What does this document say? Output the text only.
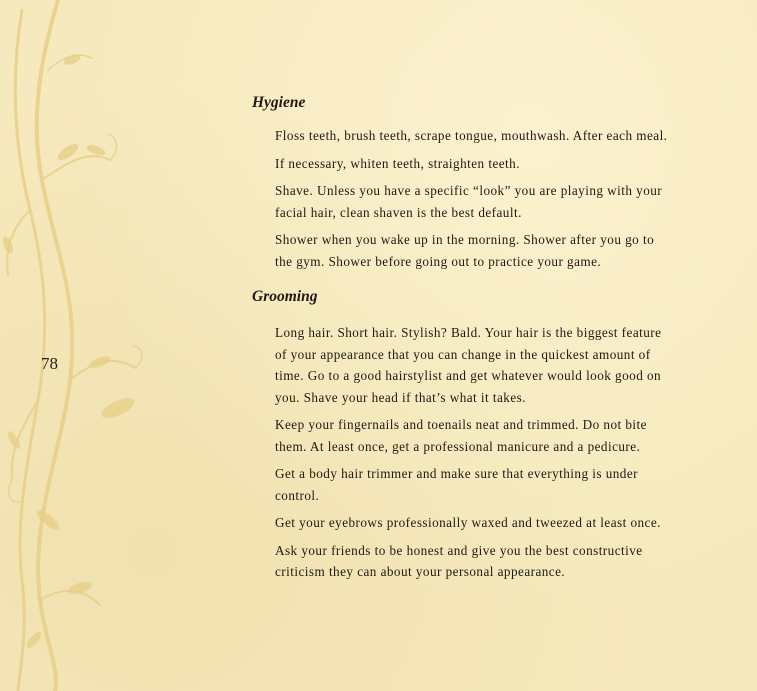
78
Hygiene

Floss teeth, brush teeth, scrape tongue, mouthwash. After each meal.

If necessary, whiten teeth, straighten teeth.

Shave. Unless you have a specific “look” you are playing with your facial hair, clean shaven is the best default.

Shower when you wake up in the morning. Shower after you go to the gym. Shower before going out to practice your game.

Grooming

Long hair. Short hair. Stylish? Bald. Your hair is the biggest feature of your appearance that you can change in the quickest amount of time. Go to a good hairstylist and get whatever would look good on you. Shave your head if that’s what it takes.

Keep your fingernails and toenails neat and trimmed. Do not bite them. At least once, get a professional manicure and a pedicure.

Get a body hair trimmer and make sure that everything is under control.

Get your eyebrows professionally waxed and tweezed at least once.

Ask your friends to be honest and give you the best constructive criticism they can about your personal appearance.
